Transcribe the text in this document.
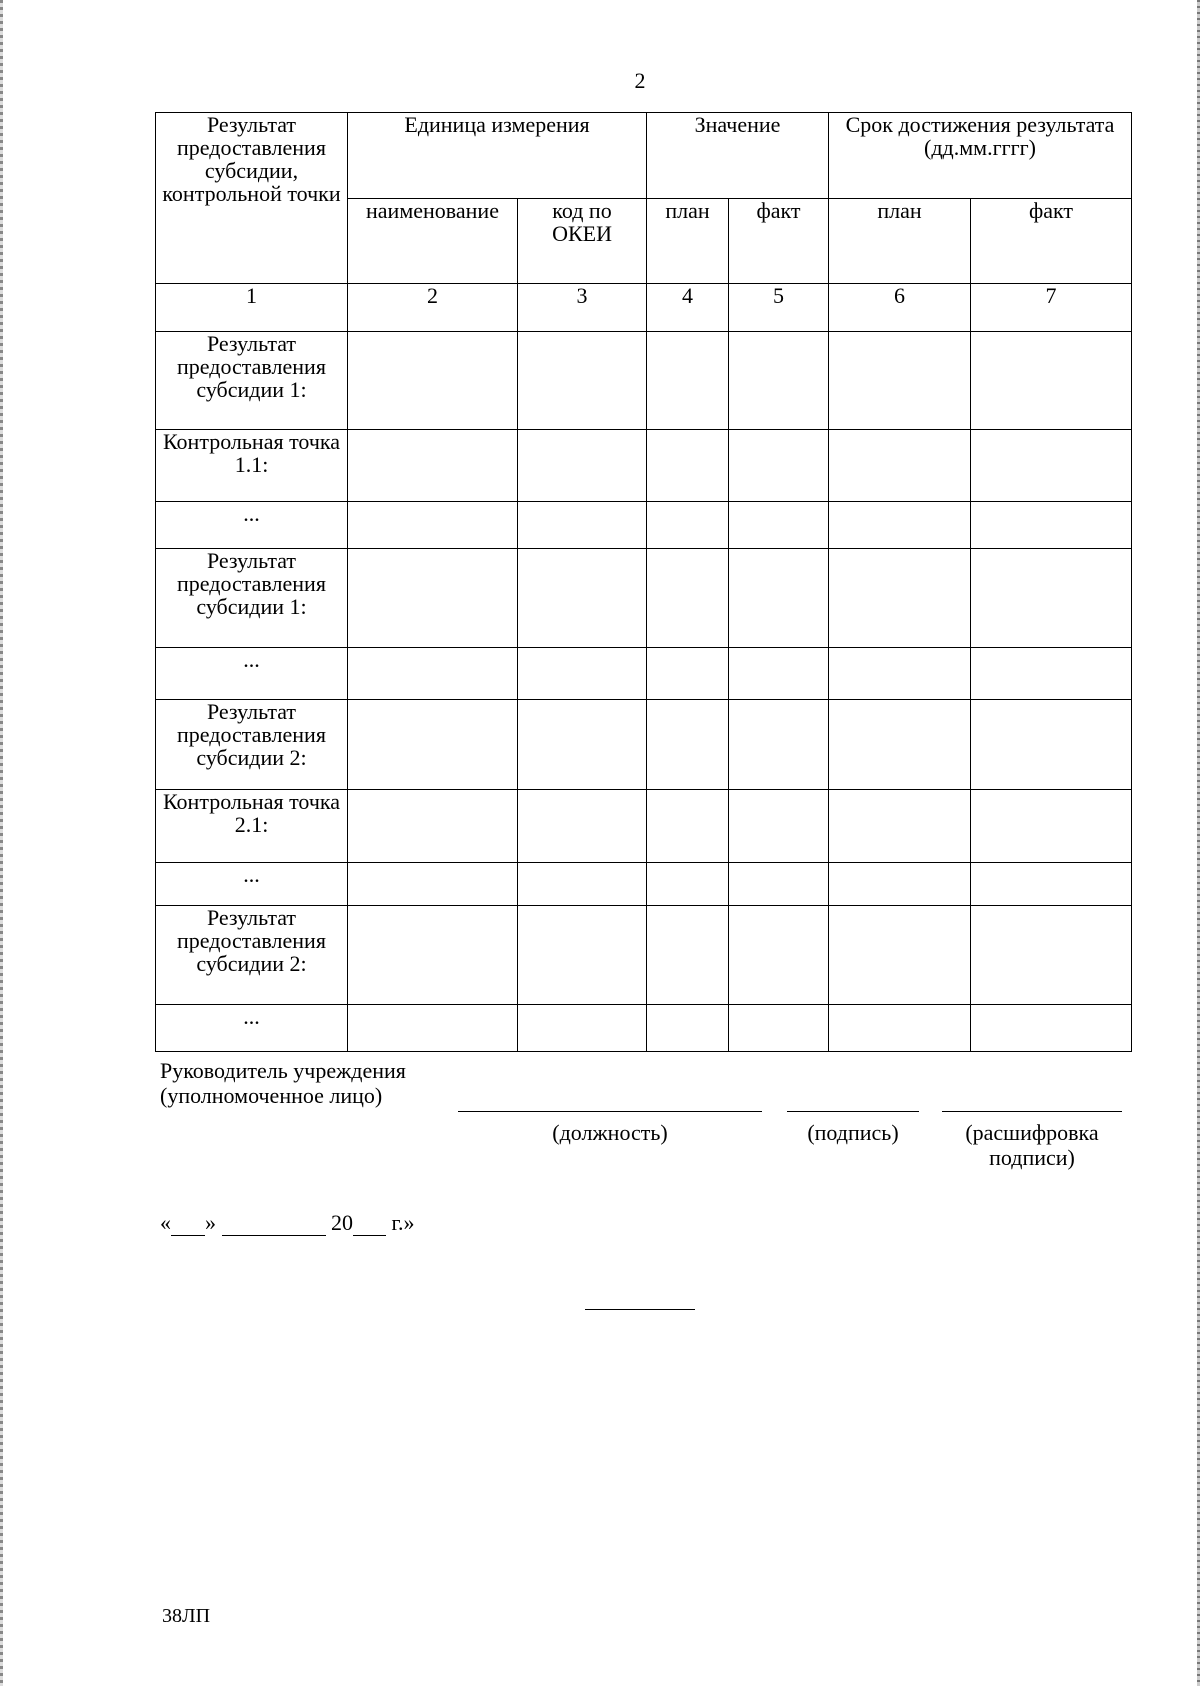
2
Результат предоставления субсидии, контрольной точки	Единица измерения		Значение		Срок достижения результата (дд.мм.гггг)	
	наименование	код по ОКЕИ	план	факт	план	факт
1	2	3	4	5	6	7
Результат предоставления субсидии 1:						
Контрольная точка 1.1:						
...						
Результат предоставления субсидии 1:						
...						
Результат предоставления субсидии 2:						
Контрольная точка 2.1:						
...						
Результат предоставления субсидии 2:						
...						
Руководитель учреждения
(уполномоченное лицо)
(должность)	(подпись)	(расшифровка
подписи)
« »	20 г.»
38ЛП
